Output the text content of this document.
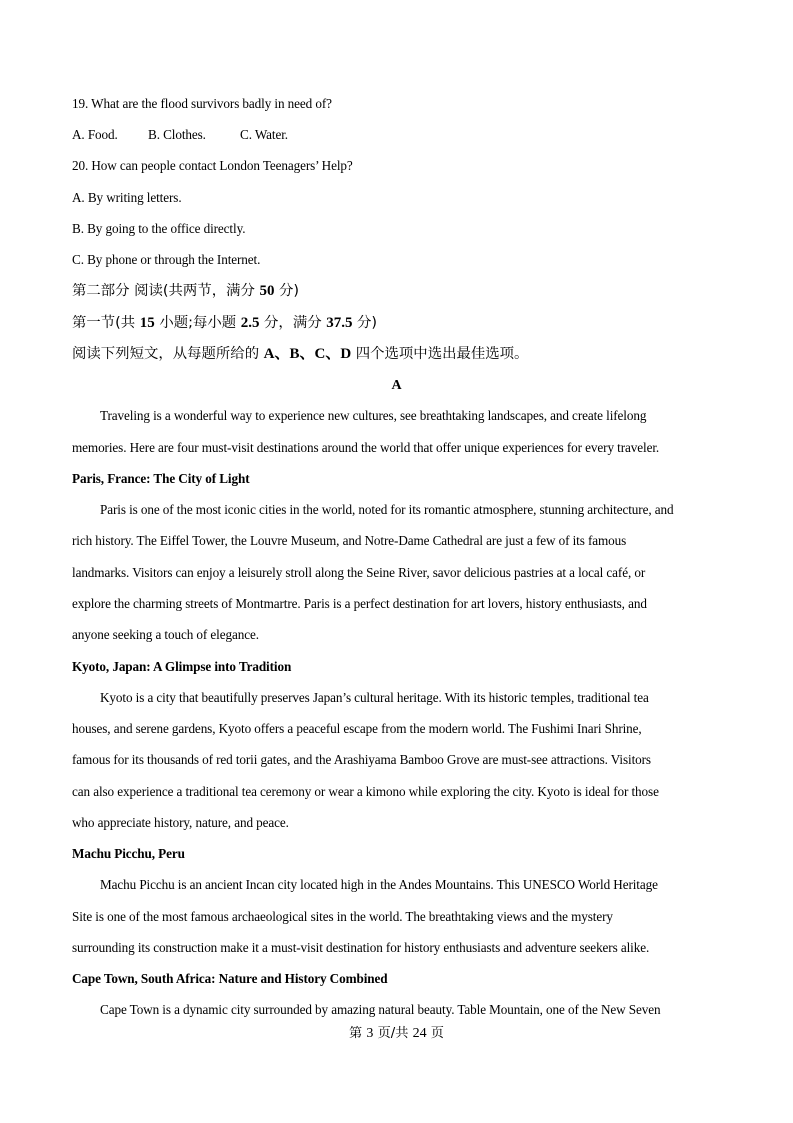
19. What are the flood survivors badly in need of?
A. Food. B. Clothes.	C. Water.
20. How can people contact London Teenagers’ Help?
A. By writing letters.
B. By going to the office directly.
C. By phone or through the Internet.
第二部分 阅读(共两节，满分 50 分)
第一节(共 15 小题;每小题 2.5 分，满分 37.5 分)
阅读下列短文，从每题所给的 A、B、C、D 四个选项中选出最佳选项。
A
Traveling is a wonderful way to experience new cultures, see breathtaking landscapes, and create lifelong
memories. Here are four must-visit destinations around the world that offer unique experiences for every traveler.
Paris, France: The City of Light
Paris is one of the most iconic cities in the world, noted for its romantic atmosphere, stunning architecture, and
rich history. The Eiffel Tower, the Louvre Museum, and Notre-Dame Cathedral are just a few of its famous
landmarks. Visitors can enjoy a leisurely stroll along the Seine River, savor delicious pastries at a local café, or
explore the charming streets of Montmartre. Paris is a perfect destination for art lovers, history enthusiasts, and
anyone seeking a touch of elegance.
Kyoto, Japan: A Glimpse into Tradition
Kyoto is a city that beautifully preserves Japan’s cultural heritage. With its historic temples, traditional tea
houses, and serene gardens, Kyoto offers a peaceful escape from the modern world. The Fushimi Inari Shrine,
famous for its thousands of red torii gates, and the Arashiyama Bamboo Grove are must-see attractions. Visitors
can also experience a traditional tea ceremony or wear a kimono while exploring the city. Kyoto is ideal for those
who appreciate history, nature, and peace.
Machu Picchu, Peru
Machu Picchu is an ancient Incan city located high in the Andes Mountains. This UNESCO World Heritage
Site is one of the most famous archaeological sites in the world. The breathtaking views and the mystery
surrounding its construction make it a must-visit destination for history enthusiasts and adventure seekers alike.
Cape Town, South Africa: Nature and History Combined
Cape Town is a dynamic city surrounded by amazing natural beauty. Table Mountain, one of the New Seven
第 3 页/共 24 页
